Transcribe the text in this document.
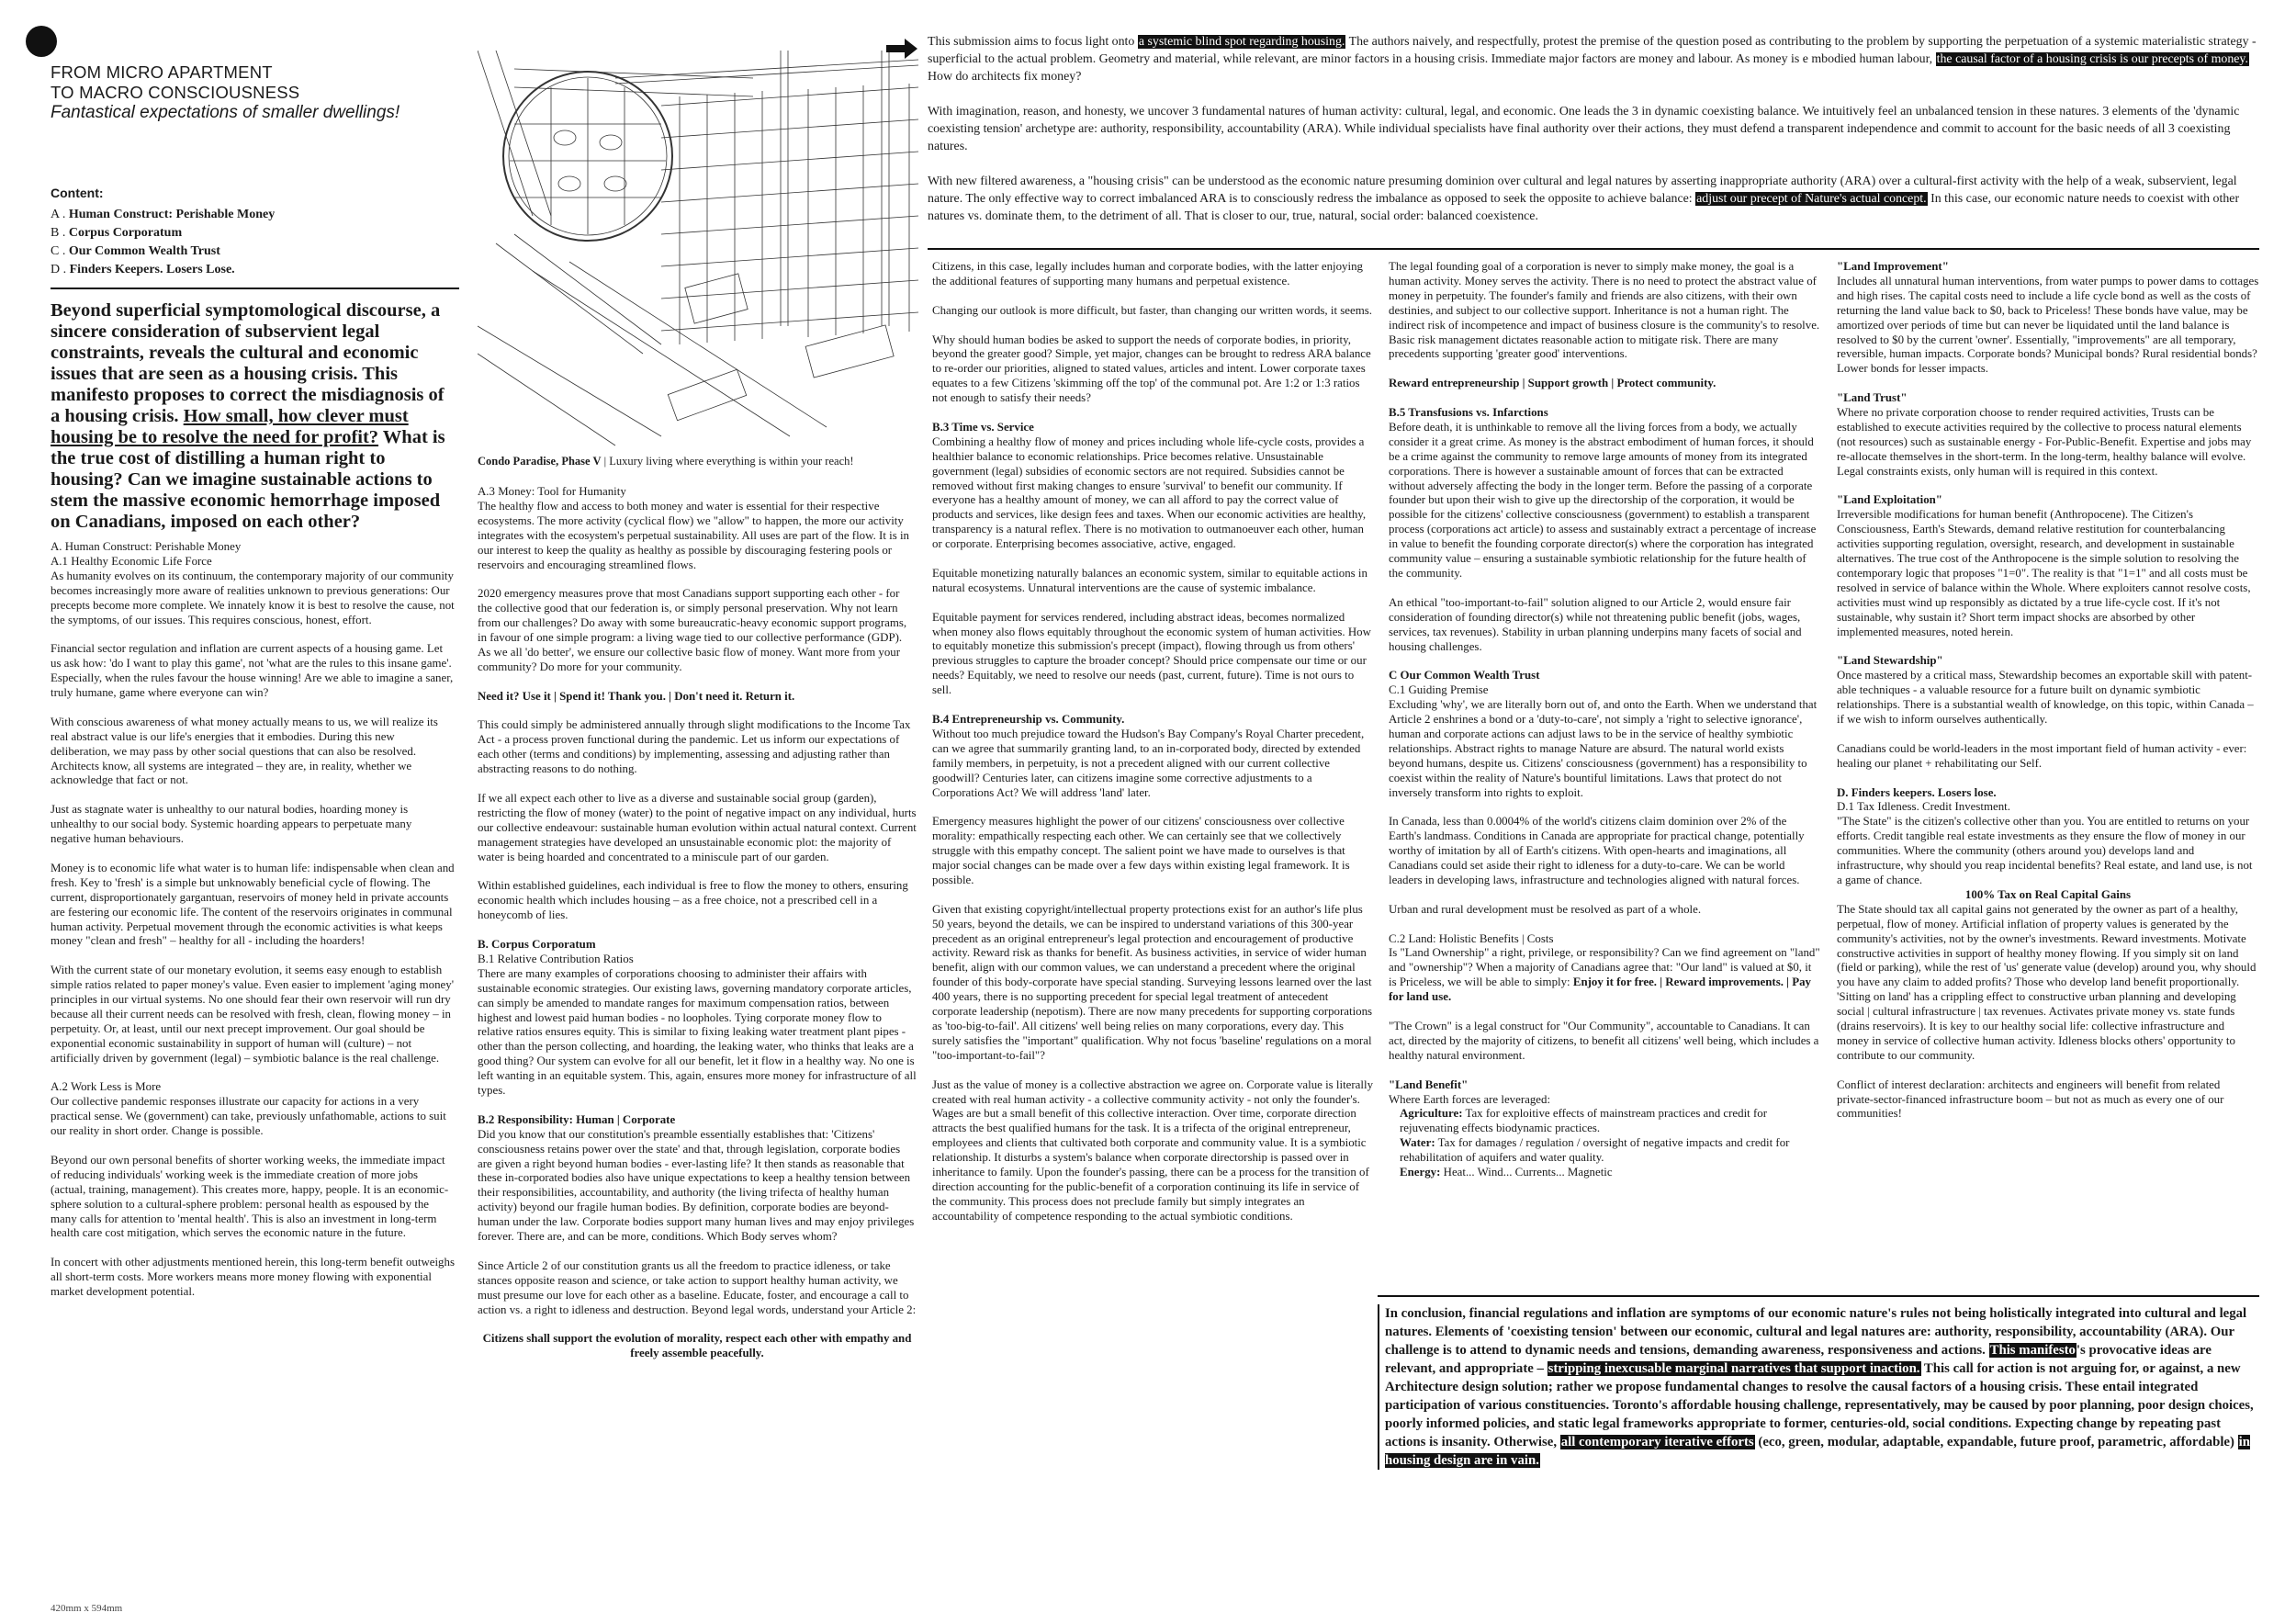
FROM MICRO APARTMENT
TO MACRO CONSCIOUSNESS
Fantastical expectations of smaller dwellings!
Content:
A . Human Construct: Perishable Money
B . Corpus Corporatum
C . Our Common Wealth Trust
D . Finders Keepers. Losers Lose.
Beyond superficial symptomological discourse, a sincere consideration of subservient legal constraints, reveals the cultural and economic issues that are seen as a housing crisis. This manifesto proposes to correct the misdiagnosis of a housing crisis. How small, how clever must housing be to resolve the need for profit? What is the true cost of distilling a human right to housing? Can we imagine sustainable actions to stem the massive economic hemorrhage imposed on Canadians, imposed on each other?

A. Human Construct: Perishable Money

A.1 Healthy Economic Life Force

As humanity evolves on its continuum, the contemporary majority of our community becomes increasingly more aware of realities unknown to previous generations: Our precepts become more complete. We innately know it is best to resolve the cause, not the symptoms, of our issues. This requires conscious, honest, effort.

Financial sector regulation and inflation are current aspects of a housing game. Let us ask how: 'do I want to play this game', not 'what are the rules to this insane game'. Especially, when the rules favour the house winning! Are we able to imagine a saner, truly humane, game where everyone can win?

With conscious awareness of what money actually means to us, we will realize its real abstract value is our life's energies that it embodies. During this new deliberation, we may pass by other social questions that can also be resolved. Architects know, all systems are integrated – they are, in reality, whether we acknowledge that fact or not.

Just as stagnate water is unhealthy to our natural bodies, hoarding money is unhealthy to our social body. Systemic hoarding appears to perpetuate many negative human behaviours.

Money is to economic life what water is to human life: indispensable when clean and fresh. Key to 'fresh' is a simple but unknowably beneficial cycle of flowing. The current, disproportionately gargantuan, reservoirs of money held in private accounts are festering our economic life. The content of the reservoirs originates in communal human activity. Perpetual movement through the economic activities is what keeps money "clean and fresh" – healthy for all - including the hoarders!

With the current state of our monetary evolution, it seems easy enough to establish simple ratios related to paper money's value. Even easier to implement 'aging money' principles in our virtual systems. No one should fear their own reservoir will run dry because all their current needs can be resolved with fresh, clean, flowing money – in perpetuity. Or, at least, until our next precept improvement. Our goal should be exponential economic sustainability in support of human will (culture) – not artificially driven by government (legal) – symbiotic balance is the real challenge.

A.2 Work Less is More

Our collective pandemic responses illustrate our capacity for actions in a very practical sense. We (government) can take, previously unfathomable, actions to suit our reality in short order. Change is possible.

Beyond our own personal benefits of shorter working weeks, the immediate impact of reducing individuals' working week is the immediate creation of more jobs (actual, training, management). This creates more, happy, people. It is an economic-sphere solution to a cultural-sphere problem: personal health as espoused by the many calls for attention to 'mental health'. This is also an investment in long-term health care cost mitigation, which serves the economic nature in the future.

In concert with other adjustments mentioned herein, this long-term benefit outweighs all short-term costs. More workers means more money flowing with exponential market development potential.

Condo Paradise, Phase V | Luxury living where everything is within your reach!

A.3 Money: Tool for Humanity

The healthy flow and access to both money and water is essential for their respective ecosystems. The more activity (cyclical flow) we "allow" to happen, the more our activity integrates with the ecosystem's perpetual sustainability. All uses are part of the flow. It is in our interest to keep the quality as healthy as possible by discouraging festering pools or reservoirs and encouraging streamlined flows.

2020 emergency measures prove that most Canadians support supporting each other - for the collective good that our federation is, or simply personal preservation. Why not learn from our challenges? Do away with some bureaucratic-heavy economic support programs, in favour of one simple program: a living wage tied to our collective performance (GDP). As we all 'do better', we ensure our collective basic flow of money. Want more from your community? Do more for your community.

Need it? Use it | Spend it! Thank you. | Don't need it. Return it.

This could simply be administered annually through slight modifications to the Income Tax Act - a process proven functional during the pandemic. Let us inform our expectations of each other (terms and conditions) by implementing, assessing and adjusting rather than abstracting reasons to do nothing.

If we all expect each other to live as a diverse and sustainable social group (garden), restricting the flow of money (water) to the point of negative impact on any individual, hurts our collective endeavour: sustainable human evolution within actual natural context. Current management strategies have developed an unsustainable economic plot: the majority of water is being hoarded and concentrated to a miniscule part of our garden.

Within established guidelines, each individual is free to flow the money to others, ensuring economic health which includes housing – as a free choice, not a prescribed cell in a honeycomb of lies.

B. Corpus Corporatum

B.1 Relative Contribution Ratios

There are many examples of corporations choosing to administer their affairs with sustainable economic strategies. Our existing laws, governing mandatory corporate articles, can simply be amended to mandate ranges for maximum compensation ratios, between highest and lowest paid human bodies - no loopholes. Tying corporate money flow to relative ratios ensures equity. This is similar to fixing leaking water treatment plant pipes - other than the person collecting, and hoarding, the leaking water, who thinks that leaks are a good thing? Our system can evolve for all our benefit, let it flow in a healthy way. No one is left wanting in an equitable system. This, again, ensures more money for infrastructure of all types.

B.2 Responsibility: Human | Corporate

Did you know that our constitution's preamble essentially establishes that: 'Citizens' consciousness retains power over the state' and that, through legislation, corporate bodies are given a right beyond human bodies - ever-lasting life? It then stands as reasonable that these in-corporated bodies also have unique expectations to keep a healthy tension between their responsibilities, accountability, and authority (the living trifecta of healthy human activity) beyond our fragile human bodies. By definition, corporate bodies are beyond-human under the law. Corporate bodies support many human lives and may enjoy privileges forever. There are, and can be more, conditions. Which Body serves whom?

Since Article 2 of our constitution grants us all the freedom to practice idleness, or take stances opposite reason and science, or take action to support healthy human activity, we must presume our love for each other as a baseline. Educate, foster, and encourage a call to action vs. a right to idleness and destruction. Beyond legal words, understand your Article 2:

Citizens shall support the evolution of morality, respect each other with empathy and freely assemble peacefully.

This submission aims to focus light onto a systemic blind spot regarding housing. The authors naively, and respectfully, protest the premise of the question posed as contributing to the problem by supporting the perpetuation of a systemic materialistic strategy - superficial to the actual problem. Geometry and material, while relevant, are minor factors in a housing crisis. Immediate major factors are money and labour. As money is e mbodied human labour, the causal factor of a housing crisis is our precepts of money. How do architects fix money?

With imagination, reason, and honesty, we uncover 3 fundamental natures of human activity: cultural, legal, and economic. One leads the 3 in dynamic coexisting balance. We intuitively feel an unbalanced tension in these natures. 3 elements of the 'dynamic coexisting tension' archetype are: authority, responsibility, accountability (ARA). While individual specialists have final authority over their actions, they must defend a transparent independence and commit to account for the basic needs of all 3 coexisting natures.

With new filtered awareness, a "housing crisis" can be understood as the economic nature presuming dominion over cultural and legal natures by asserting inappropriate authority (ARA) over a cultural-first activity with the help of a weak, subservient, legal nature. The only effective way to correct imbalanced ARA is to consciously redress the imbalance as opposed to seek the opposite to achieve balance: adjust our precept of Nature's actual concept. In this case, our economic nature needs to coexist with other natures vs. dominate them, to the detriment of all. That is closer to our, true, natural, social order: balanced coexistence.

Citizens, in this case, legally includes human and corporate bodies, with the latter enjoying the additional features of supporting many humans and perpetual existence.

Changing our outlook is more difficult, but faster, than changing our written words, it seems.

Why should human bodies be asked to support the needs of corporate bodies, in priority, beyond the greater good? Simple, yet major, changes can be brought to redress ARA balance to re-order our priorities, aligned to stated values, articles and intent. Lower corporate taxes equates to a few Citizens 'skimming off the top' of the communal pot. Are 1:2 or 1:3 ratios not enough to satisfy their needs?

B.3 Time vs. Service

Combining a healthy flow of money and prices including whole life-cycle costs, provides a healthier balance to economic relationships. Price becomes relative. Unsustainable government (legal) subsidies of economic sectors are not required. Subsidies cannot be removed without first making changes to ensure 'survival' to benefit our community. If everyone has a healthy amount of money, we can all afford to pay the correct value of products and services, like design fees and taxes. When our economic activities are healthy, transparency is a natural reflex. There is no motivation to outmanoeuver each other, human or corporate. Enterprising becomes associative, active, engaged.

Equitable monetizing naturally balances an economic system, similar to equitable actions in natural ecosystems. Unnatural interventions are the cause of systemic imbalance.

Equitable payment for services rendered, including abstract ideas, becomes normalized when money also flows equitably throughout the economic system of human activities. How to equitably monetize this submission's precept (impact), flowing through us from others' previous struggles to capture the broader concept? Should price compensate our time or our needs? Equitably, we need to resolve our needs (past, current, future). Time is not ours to sell.

B.4 Entrepreneurship vs. Community.

Without too much prejudice toward the Hudson's Bay Company's Royal Charter precedent, can we agree that summarily granting land, to an in-corporated body, directed by extended family members, in perpetuity, is not a precedent aligned with our current collective goodwill? Centuries later, can citizens imagine some corrective adjustments to a Corporations Act? We will address 'land' later.

Emergency measures highlight the power of our citizens' consciousness over collective morality: empathically respecting each other. We can certainly see that we collectively struggle with this empathy concept. The salient point we have made to ourselves is that major social changes can be made over a few days within existing legal framework. It is possible.

Given that existing copyright/intellectual property protections exist for an author's life plus 50 years, beyond the details, we can be inspired to understand variations of this 300-year precedent as an original entrepreneur's legal protection and encouragement of productive activity. Reward risk as thanks for benefit. As business activities, in service of wider human benefit, align with our common values, we can understand a precedent where the original founder of this body-corporate have special standing. Surveying lessons learned over the last 400 years, there is no supporting precedent for special legal treatment of antecedent corporate leadership (nepotism). There are now many precedents for supporting corporations as 'too-big-to-fail'. All citizens' well being relies on many corporations, every day. This surely satisfies the "important" qualification. Why not focus 'baseline' regulations on a moral "too-important-to-fail"?

Just as the value of money is a collective abstraction we agree on. Corporate value is literally created with real human activity - a collective community activity - not only the founder's. Wages are but a small benefit of this collective interaction. Over time, corporate direction attracts the best qualified humans for the task. It is a trifecta of the original entrepreneur, employees and clients that cultivated both corporate and community value. It is a symbiotic relationship. It disturbs a system's balance when corporate directorship is passed over in inheritance to family. Upon the founder's passing, there can be a process for the transition of direction accounting for the public-benefit of a corporation continuing its life in service of the community. This process does not preclude family but simply integrates an accountability of competence responding to the actual symbiotic conditions.

The legal founding goal of a corporation is never to simply make money, the goal is a human activity. Money serves the activity. There is no need to protect the abstract value of money in perpetuity. The founder's family and friends are also citizens, with their own destinies, and subject to our collective support. Inheritance is not a human right. The indirect risk of incompetence and impact of business closure is the community's to resolve. Basic risk management dictates reasonable action to mitigate risk. There are many precedents supporting 'greater good' interventions.

Reward entrepreneurship | Support growth | Protect community.

B.5 Transfusions vs. Infarctions

Before death, it is unthinkable to remove all the living forces from a body, we actually consider it a great crime. As money is the abstract embodiment of human forces, it should be a crime against the community to remove large amounts of money from its integrated corporations. There is however a sustainable amount of forces that can be extracted without adversely affecting the body in the longer term. Before the passing of a corporate founder but upon their wish to give up the directorship of the corporation, it would be possible for the citizens' collective consciousness (government) to establish a transparent process (corporations act article) to assess and sustainably extract a percentage of increase in value to benefit the founding corporate director(s) where the corporation has integrated community value – ensuring a sustainable symbiotic relationship for the future health of the community.

An ethical "too-important-to-fail" solution aligned to our Article 2, would ensure fair consideration of founding director(s) while not threatening public benefit (jobs, wages, services, tax revenues). Stability in urban planning underpins many facets of social and housing challenges.

C Our Common Wealth Trust

C.1 Guiding Premise

Excluding 'why', we are literally born out of, and onto the Earth. When we understand that Article 2 enshrines a bond or a 'duty-to-care', not simply a 'right to selective ignorance', human and corporate actions can adjust laws to be in the service of healthy symbiotic relationships. Abstract rights to manage Nature are absurd. The natural world exists beyond humans, despite us. Citizens' consciousness (government) has a responsibility to coexist within the reality of Nature's bountiful limitations. Laws that protect do not inversely transform into rights to exploit.

In Canada, less than 0.0004% of the world's citizens claim dominion over 2% of the Earth's landmass. Conditions in Canada are appropriate for practical change, potentially worthy of imitation by all of Earth's citizens. With open-hearts and imaginations, all Canadians could set aside their right to idleness for a duty-to-care. We can be world leaders in developing laws, infrastructure and technologies aligned with natural forces.

Urban and rural development must be resolved as part of a whole.

C.2 Land: Holistic Benefits | Costs

Is "Land Ownership" a right, privilege, or responsibility? Can we find agreement on "land" and "ownership"? When a majority of Canadians agree that: "Our land" is valued at $0, it is Priceless, we will be able to simply: Enjoy it for free. | Reward improvements. | Pay for land use.

"The Crown" is a legal construct for "Our Community", accountable to Canadians. It can act, directed by the majority of citizens, to benefit all citizens' well being, which includes a healthy natural environment.

"Land Benefit"

Where Earth forces are leveraged:

Agriculture: Tax for exploitive effects of mainstream practices and credit for rejuvenating effects biodynamic practices.

Water: Tax for damages / regulation / oversight of negative impacts and credit for rehabilitation of aquifers and water quality.

Energy: Heat... Wind... Currents... Magnetic

"Land Improvement"

Includes all unnatural human interventions, from water pumps to power dams to cottages and high rises. The capital costs need to include a life cycle bond as well as the costs of returning the land value back to $0, back to Priceless! These bonds have value, may be amortized over periods of time but can never be liquidated until the land balance is resolved to $0 by the current 'owner'. Essentially, "improvements" are all temporary, reversible, human impacts. Corporate bonds? Municipal bonds? Rural residential bonds? Lower bonds for lesser impacts.

"Land Trust"

Where no private corporation choose to render required activities, Trusts can be established to execute activities required by the collective to process natural elements (not resources) such as sustainable energy - For-Public-Benefit. Expertise and jobs may re-allocate themselves in the short-term. In the long-term, healthy balance will evolve. Legal constraints exists, only human will is required in this context.

"Land Exploitation"

Irreversible modifications for human benefit (Anthropocene). The Citizen's Consciousness, Earth's Stewards, demand relative restitution for counterbalancing activities supporting regulation, oversight, research, and development in sustainable alternatives. The true cost of the Anthropocene is the simple solution to resolving the contemporary logic that proposes "1=0". The reality is that "1=1" and all costs must be resolved in service of balance within the Whole. Where exploiters cannot resolve costs, activities must wind up responsibly as dictated by a true life-cycle cost. If it's not sustainable, why sustain it? Short term impact shocks are absorbed by other implemented measures, noted herein.

"Land Stewardship"

Once mastered by a critical mass, Stewardship becomes an exportable skill with patent-able techniques - a valuable resource for a future built on dynamic symbiotic relationships. There is a substantial wealth of knowledge, on this topic, within Canada – if we wish to inform ourselves authentically.

Canadians could be world-leaders in the most important field of human activity - ever: healing our planet + rehabilitating our Self.

D. Finders keepers. Losers lose.

D.1 Tax Idleness. Credit Investment.

"The State" is the citizen's collective other than you. You are entitled to returns on your efforts. Credit tangible real estate investments as they ensure the flow of money in our communities. Where the community (others around you) develops land and infrastructure, why should you reap incidental benefits? Real estate, and land use, is not a game of chance.

100% Tax on Real Capital Gains

The State should tax all capital gains not generated by the owner as part of a healthy, perpetual, flow of money. Artificial inflation of property values is generated by the community's activities, not by the owner's investments. Reward investments. Motivate constructive activities in support of healthy money flowing. If you simply sit on land (field or parking), while the rest of 'us' generate value (develop) around you, why should you have any claim to added profits? Those who develop land benefit proportionally. 'Sitting on land' has a crippling effect to constructive urban planning and developing social | cultural infrastructure | tax revenues. Activates private money vs. state funds (drains reservoirs). It is key to our healthy social life: collective infrastructure and money in service of collective human activity. Idleness blocks others' opportunity to contribute to our community.

Conflict of interest declaration: architects and engineers will benefit from related private-sector-financed infrastructure boom – but not as much as every one of our communities!

In conclusion, financial regulations and inflation are symptoms of our economic nature's rules not being holistically integrated into cultural and legal natures. Elements of 'coexisting tension' between our economic, cultural and legal natures are: authority, responsibility, accountability (ARA). Our challenge is to attend to dynamic needs and tensions, demanding awareness, responsiveness and actions. This manifesto's provocative ideas are relevant, and appropriate – stripping inexcusable marginal narratives that support inaction. This call for action is not arguing for, or against, a new Architecture design solution; rather we propose fundamental changes to resolve the causal factors of a housing crisis. These entail integrated participation of various constituencies. Toronto's affordable housing challenge, representatively, may be caused by poor planning, poor design choices, poorly informed policies, and static legal frameworks appropriate to former, centuries-old, social conditions. Expecting change by repeating past actions is insanity. Otherwise, all contemporary iterative efforts (eco, green, modular, adaptable, expandable, future proof, parametric, affordable) in housing design are in vain.
420mm x 594mm
